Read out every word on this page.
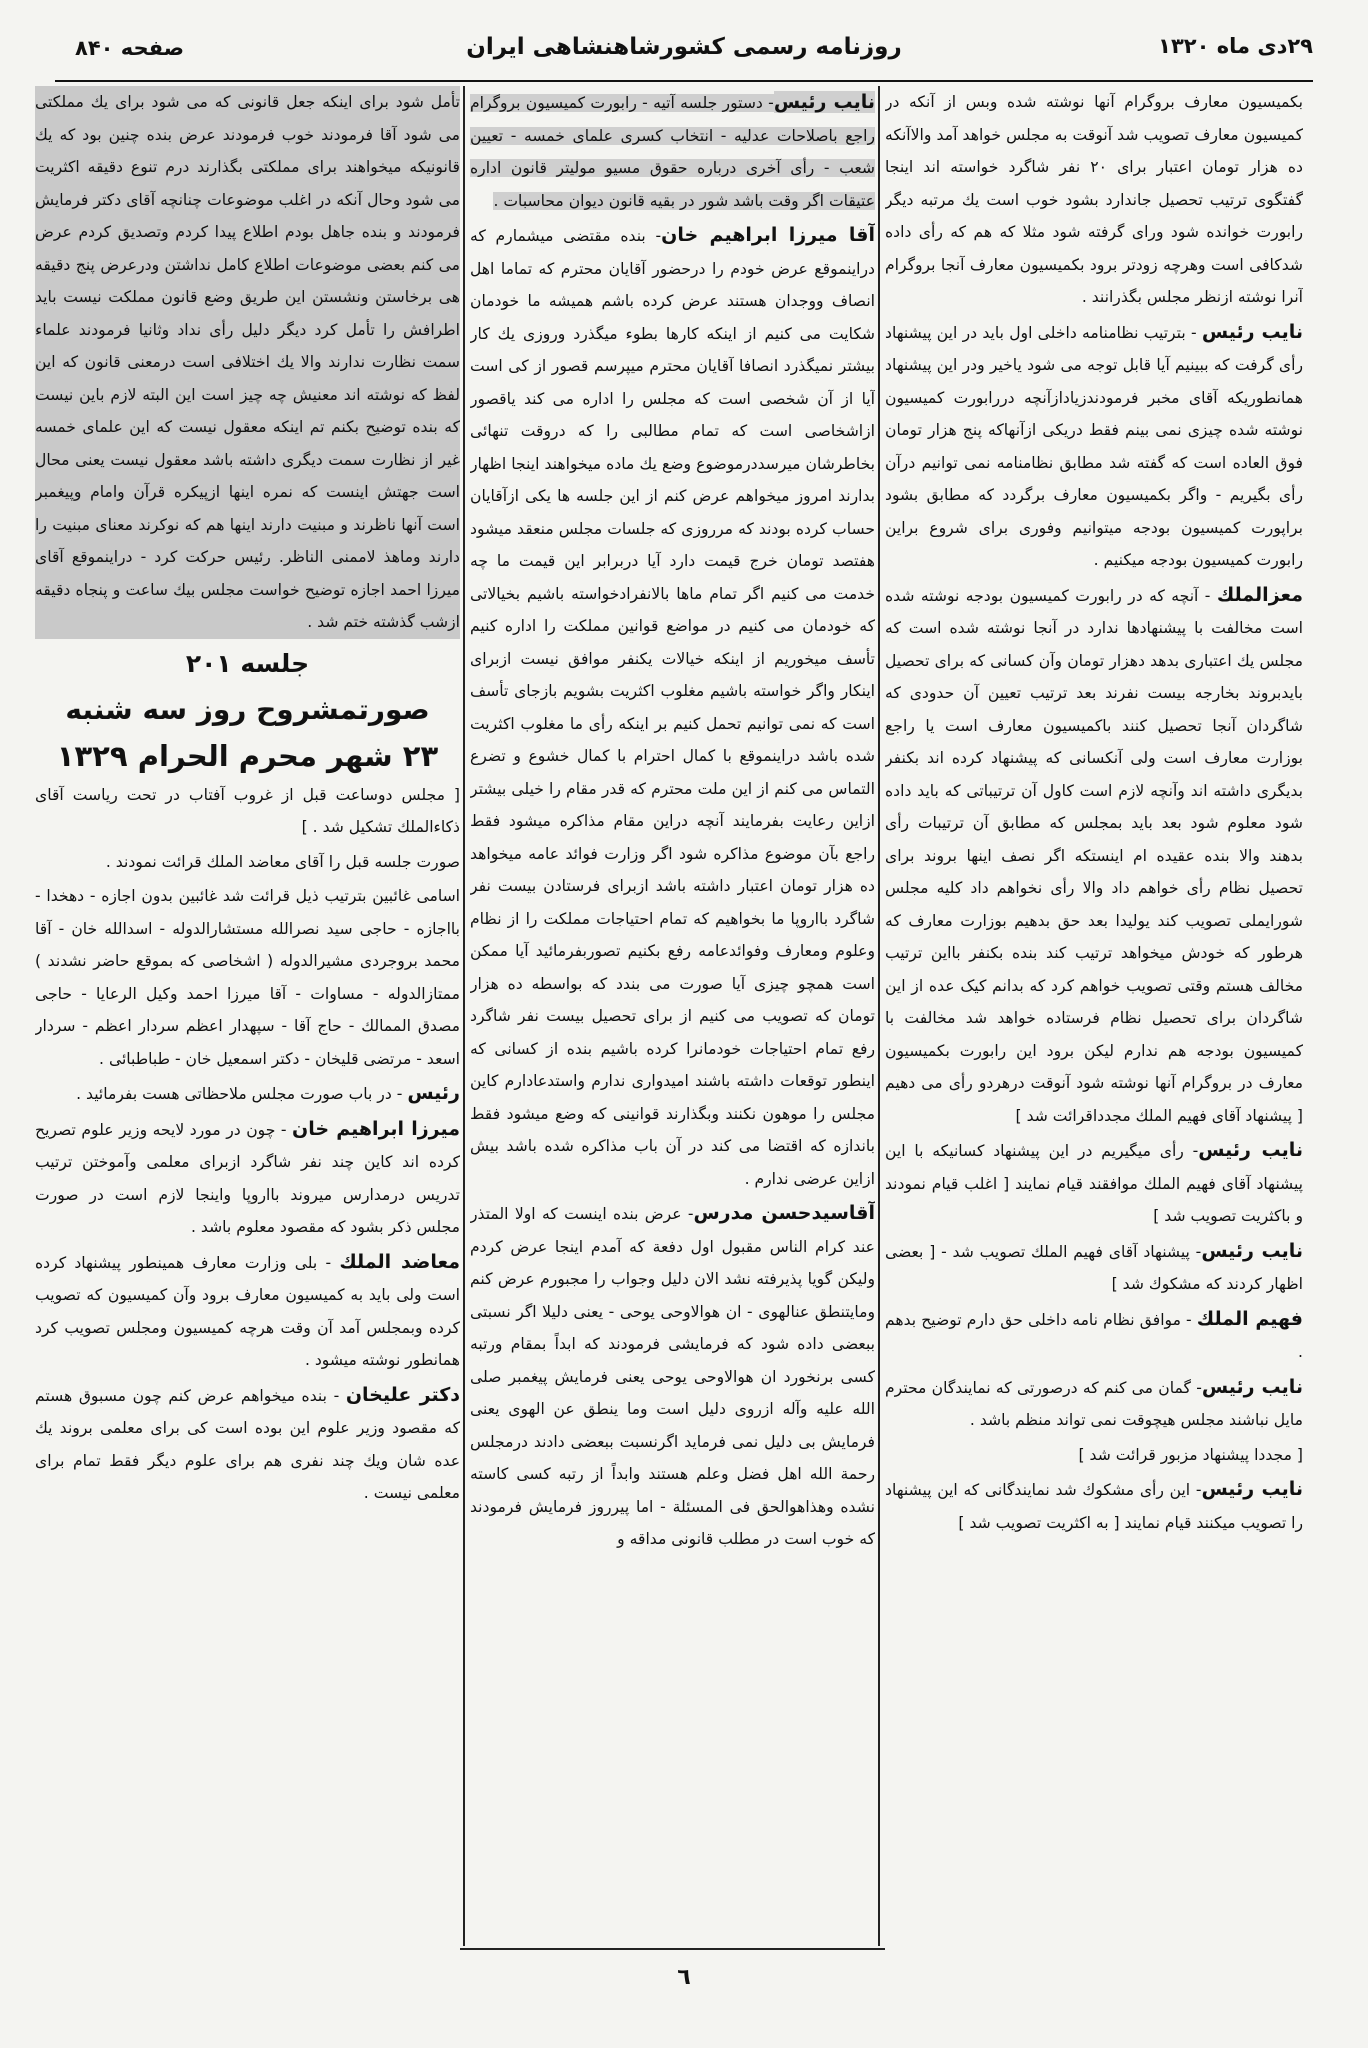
۲۹دی ماه ۱۳۲۰
روزنامه رسمی کشورشاهنشاهی ایران
صفحه ۸۴۰

بکمیسیون معارف بروگرام آنها نوشته شده وبس از آنکه در کمیسیون معارف تصویب شد آنوقت به مجلس خواهد آمد والاآنکه ده هزار تومان اعتبار برای ۲۰ نفر شاگرد خواسته اند اینجا گفتگوی ترتیب تحصیل جاندارد بشود خوب است یك مرتبه دیگر رابورت خوانده شود ورای گرفته شود مثلا که هم که رأی داده شدکافی است وهرچه زودتر برود بکمیسیون معارف آنجا بروگرام آنرا نوشته ازنظر مجلس بگذرانند .

نایب رئیس - بترتیب نظامنامه داخلی اول باید در این پیشنهاد رأی گرفت که ببینیم آیا قابل توجه می شود یاخیر ودر این پیشنهاد همانطوریکه آقای مخبر فرمودندزیادازآنچه دررابورت کمیسیون نوشته شده چیزی نمی بینم فقط دریکی ازآنهاکه پنج هزار تومان فوق العاده است که گفته شد مطابق نظامنامه نمی توانیم درآن رأی بگیریم - واگر بکمیسیون معارف برگردد که مطابق بشود براپورت کمیسیون بودجه میتوانیم وفوری برای شروع براین رابورت کمیسیون بودجه میکنیم .

معزالملك - آنچه که در رابورت کمیسیون بودجه نوشته شده است مخالفت با پیشنهادها ندارد در آنجا نوشته شده است که مجلس یك اعتباری بدهد دهزار تومان وآن کسانی که برای تحصیل بایدبروند بخارجه بیست نفرند بعد ترتیب تعیین آن حدودی که شاگردان آنجا تحصیل کنند باکمیسیون معارف است یا راجع بوزارت معارف است ولی آنکسانی که پیشنهاد کرده اند بکنفر بدیگری داشته اند وآنچه لازم است کاول آن ترتیباتی که باید داده شود معلوم شود بعد باید بمجلس که مطابق آن ترتیبات رأی بدهند والا بنده عقیده ام اینستکه اگر نصف اینها بروند برای تحصیل نظام رأی خواهم داد والا رأی نخواهم داد کلیه مجلس شورایملی تصویب کند یولیدا بعد حق بدهیم بوزارت معارف که هرطور که خودش میخواهد ترتیب کند بنده بکنفر بااین ترتیب مخالف هستم وقتی تصویب خواهم کرد که بدانم کیک عده از این شاگردان برای تحصیل نظام فرستاده خواهد شد مخالفت با کمیسیون بودجه هم ندارم لیکن برود این رابورت بکمیسیون معارف در بروگرام آنها نوشته شود آنوقت درهردو رأی می دهیم [ پیشنهاد آقای فهیم الملك مجدداقرائت شد ]

نایب رئیس- رأی میگیریم در این پیشنهاد کسانیکه با این پیشنهاد آقای فهیم الملك موافقند قیام نمایند [ اغلب قیام نمودند و باکثریت تصویب شد ]

نایب رئیس- پیشنهاد آقای فهیم الملك تصویب شد - [ بعضی اظهار کردند که مشکوك شد ]

فهیم الملك - موافق نظام نامه داخلی حق دارم توضیح بدهم .

نایب رئیس- گمان می کنم که درصورتی که نمایندگان محترم مایل نباشند مجلس هیچوقت نمی تواند منظم باشد .

[ مجددا پیشنهاد مزبور قرائت شد ]

نایب رئیس- این رأی مشکوك شد نمایندگانی که این پیشنهاد را تصویب میکنند قیام نمایند [ به اکثریت تصویب شد ]

نایب رئیس- دستور جلسه آتیه - رابورت کمیسیون بروگرام راجع باصلاحات عدلیه - انتخاب کسری علمای خمسه - تعیین شعب - رأی آخری درباره حقوق مسیو مولیتر قانون اداره عتیقات اگر وقت باشد شور در بقیه قانون دیوان محاسبات .

آقا میرزا ابراهیم خان- بنده مقتضی میشمارم که دراینموقع عرض خودم را درحضور آقایان محترم که تماما اهل انصاف ووجدان هستند عرض کرده باشم همیشه ما خودمان شکایت می کنیم از اینکه کارها بطوء میگذرد وروزی یك کار بیشتر نمیگذرد انصافا آقایان محترم میپرسم قصور از کی است آیا از آن شخصی است که مجلس را اداره می کند یاقصور ازاشخاصی است که تمام مطالبی را که دروقت تنهائی بخاطرشان میرسددرموضوع وضع یك ماده میخواهند اینجا اظهار بدارند امروز میخواهم عرض کنم از این جلسه ها یکی ازآقایان حساب کرده بودند که مرروزی که جلسات مجلس منعقد میشود هفتصد تومان خرج قیمت دارد آیا دربرابر این قیمت ما چه خدمت می کنیم اگر تمام ماها بالانفرادخواسته باشیم بخیالاتی که خودمان می کنیم در مواضع قوانین مملکت را اداره کنیم تأسف میخوریم از اینکه خیالات یکنفر موافق نیست ازبرای اینکار واگر خواسته باشیم مغلوب اکثریت بشویم بازجای تأسف است که نمی توانیم تحمل کنیم بر اینکه رأی ما مغلوب اکثریت شده باشد دراینموقع با کمال احترام با کمال خشوع و تضرع التماس می کنم از این ملت محترم که قدر مقام را خیلی بیشتر ازاین رعایت بفرمایند آنچه دراین مقام مذاکره میشود فقط راجع بآن موضوع مذاکره شود اگر وزارت فوائد عامه میخواهد ده هزار تومان اعتبار داشته باشد ازبرای فرستادن بیست نفر شاگرد بااروپا ما بخواهیم که تمام احتیاجات مملکت را از نظام وعلوم ومعارف وفوائدعامه رفع بکنیم تصوربفرمائید آیا ممکن است همچو چیزی آیا صورت می بندد که بواسطه ده هزار تومان که تصویب می کنیم از برای تحصیل بیست نفر شاگرد رفع تمام احتیاجات خودمانرا کرده باشیم بنده از کسانی که اینطور توقعات داشته باشند امیدواری ندارم واستدعادارم کاین مجلس را موهون نکنند وبگذارند قوانینی که وضع میشود فقط باندازه که اقتضا می کند در آن باب مذاکره شده باشد بیش ازاین عرضی ندارم .

آقاسیدحسن مدرس- عرض بنده اینست که اولا المتذر عند کرام الناس مقبول اول دفعة که آمدم اینجا عرض کردم ولیکن گویا پذیرفته نشد الان دلیل وجواب را مجبورم عرض کنم ومایتنطق عنالهوی - ان هوالاوحی یوحی - یعنی دلیلا اگر نسبتی ببعضی داده شود که فرمایشی فرمودند که ابداً بمقام ورتبه کسی برنخورد ان هوالاوحی یوحی یعنی فرمایش پیغمبر صلی الله علیه وآله ازروی دلیل است وما ینطق عن الهوی یعنی فرمایش بی دلیل نمی فرماید اگرنسبت ببعضی دادند درمجلس رحمة الله اهل فضل وعلم هستند وابداً از رتبه کسی کاسته نشده وهذاهوالحق فی المسئلة - اما پیرروز فرمایش فرمودند که خوب است در مطلب قانونی مداقه و

تأمل شود برای اینکه جعل قانونی که می شود برای یك مملکتی می شود آقا فرمودند خوب فرمودند عرض بنده چنین بود که یك قانونیکه میخواهند برای مملکتی بگذارند درم تنوع دقیقه اکثریت می شود وحال آنکه در اغلب موضوعات چنانچه آقای دکتر فرمایش فرمودند و بنده جاهل بودم اطلاع پیدا کردم وتصدیق کردم عرض می کنم بعضی موضوعات اطلاع کامل نداشتن ودرعرض پنج دقیقه هی برخاستن ونشستن این طریق وضع قانون مملکت نیست باید اطرافش را تأمل کرد دیگر دلیل رأی نداد وثانیا فرمودند علماء سمت نظارت ندارند والا یك اختلافی است درمعنی قانون که این لفظ که نوشته اند معنیش چه چیز است این البته لازم باین نیست که بنده توضیح بکنم تم اینکه معقول نیست که این علمای خمسه غیر از نظارت سمت دیگری داشته باشد معقول نیست یعنی محال است جهتش اینست که نمره اینها ازپیکره قرآن وامام وپیغمبر است آنها ناظرند و مبنیت دارند اینها هم که نوکرند معنای مبنیت را دارند وماهذ لاممنی الناظر. رئیس حرکت کرد - دراینموقع آقای میرزا احمد اجازه توضیح خواست مجلس بیك ساعت و پنجاه دقیقه ازشب گذشته ختم شد .

جلسه ۲۰۱
صورتمشروح روز سه شنبه
۲۳ شهر محرم الحرام ۱۳۲۹

[ مجلس دوساعت قبل از غروب آفتاب در تحت ریاست آقای ذکاءالملك تشکیل شد . ]

صورت جلسه قبل را آقای معاضد الملك قرائت نمودند .

اسامی غائبین بترتیب ذیل قرائت شد غائبین بدون اجازه - دهخدا - بااجازه - حاجی سید نصرالله مستشارالدوله - اسدالله خان - آقا محمد بروجردی مشیرالدوله ( اشخاصی که بموقع حاضر نشدند ) ممتازالدوله - مساوات - آقا میرزا احمد وکیل الرعایا - حاجی مصدق الممالك - حاج آقا - سپهدار اعظم سردار اعظم - سردار اسعد - مرتضی قلیخان - دکتر اسمعیل خان - طباطبائی .

رئیس - در باب صورت مجلس ملاحظاتی هست بفرمائید .

میرزا ابراهیم خان - چون در مورد لایحه وزیر علوم تصریح کرده اند کاین چند نفر شاگرد ازبرای معلمی وآموختن ترتیب تدریس درمدارس میروند بااروپا واینجا لازم است در صورت مجلس ذکر بشود که مقصود معلوم باشد .

معاضد الملك - بلی وزارت معارف همینطور پیشنهاد کرده است ولی باید به کمیسیون معارف برود وآن کمیسیون که تصویب کرده وبمجلس آمد آن وقت هرچه کمیسیون ومجلس تصویب کرد همانطور نوشته میشود .

دکتر علیخان - بنده میخواهم عرض کنم چون مسبوق هستم که مقصود وزیر علوم این بوده است کی برای معلمی بروند یك عده شان ویك چند نفری هم برای علوم دیگر فقط تمام برای معلمی نیست .

٦
